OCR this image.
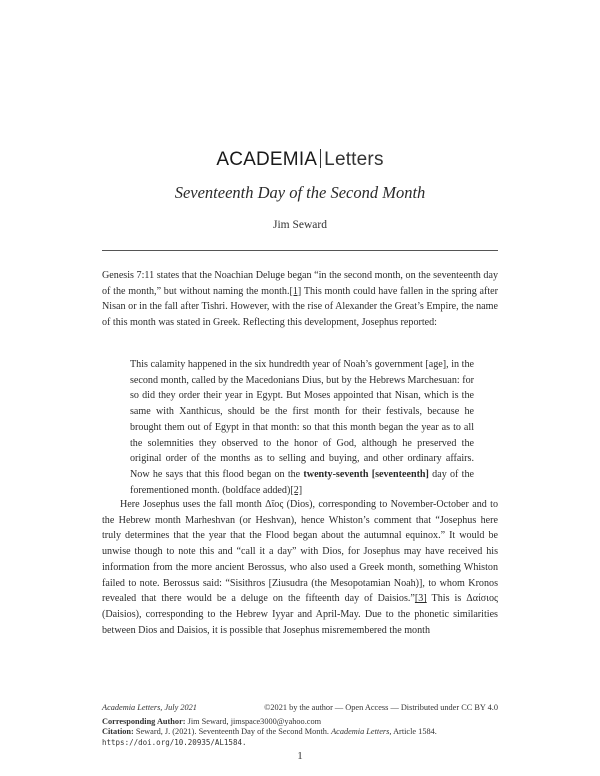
ACADEMIA Letters
Seventeenth Day of the Second Month
Jim Seward

Genesis 7:11 states that the Noachian Deluge began “in the second month, on the seventeenth day of the month,” but without naming the month.[1] This month could have fallen in the spring after Nisan or in the fall after Tishri. However, with the rise of Alexander the Great’s Empire, the name of this month was stated in Greek. Reflecting this development, Josephus reported:

This calamity happened in the six hundredth year of Noah’s government [age], in the second month, called by the Macedonians Dius, but by the Hebrews Marchesuan: for so did they order their year in Egypt. But Moses appointed that Nisan, which is the same with Xanthicus, should be the first month for their festivals, because he brought them out of Egypt in that month: so that this month began the year as to all the solemnities they observed to the honor of God, although he preserved the original order of the months as to selling and buying, and other ordinary affairs. Now he says that this flood began on the twenty-seventh [seventeenth] day of the forementioned month. (boldface added)[2]

Here Josephus uses the fall month Δῖος (Dios), corresponding to November-October and to the Hebrew month Marheshvan (or Heshvan), hence Whiston’s comment that “Josephus here truly determines that the year that the Flood began about the autumnal equinox.” It would be unwise though to note this and “call it a day” with Dios, for Josephus may have received his information from the more ancient Berossus, who also used a Greek month, something Whiston failed to note. Berossus said: “Sisithros [Ziusudra (the Mesopotamian Noah)], to whom Kronos revealed that there would be a deluge on the fifteenth day of Daisios.”[3] This is Δαίσιος (Daisios), corresponding to the Hebrew Iyyar and April-May. Due to the phonetic similarities between Dios and Daisios, it is possible that Josephus misremembered the month

Academia Letters, July 2021	©2021 by the author — Open Access — Distributed under CC BY 4.0
Corresponding Author: Jim Seward, jimspace3000@yahoo.com
Citation: Seward, J. (2021). Seventeenth Day of the Second Month. Academia Letters, Article 1584.
https://doi.org/10.20935/AL1584.
1
